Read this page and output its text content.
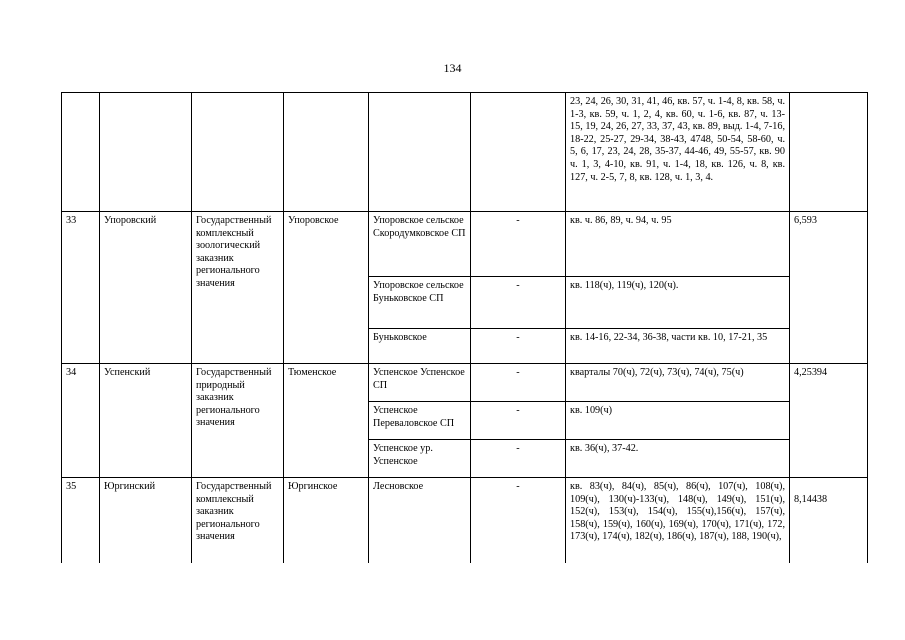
134
						23, 24, 26, 30, 31, 41, 46, кв. 57, ч. 1-4, 8, кв. 58, ч. 1-3, кв. 59, ч. 1, 2, 4, кв. 60, ч. 1-6, кв. 87, ч. 13-15, 19, 24, 26, 27, 33, 37, 43, кв. 89, выд. 1-4, 7-16, 18-22, 25-27, 29-34, 38-43, 4748, 50-54, 58-60, ч. 5, 6, 17, 23, 24, 28, 35-37, 44-46, 49, 55-57, кв. 90 ч. 1, 3, 4-10, кв. 91, ч. 1-4, 18, кв. 126, ч. 8, кв. 127, ч. 2-5, 7, 8, кв. 128, ч. 1, 3, 4.	
33	Упоровский	Государственный комплексный зоологический заказник регионального значения	Упоровское	Упоровское сельское Скородумковское СП	-	кв. ч. 86, 89, ч. 94, ч. 95	6,593
				Упоровское сельское Буньковское СП	-	кв. 118(ч), 119(ч), 120(ч).	
				Буньковское	-	кв. 14-16, 22-34, 36-38, части кв. 10, 17-21, 35	
34	Успенский	Государственный природный заказник регионального значения	Тюменское	Успенское Успенское СП	-	кварталы 70(ч), 72(ч), 73(ч), 74(ч), 75(ч)	4,25394
				Успенское Перевaловское СП	-	кв. 109(ч)	
				Успенское ур. Успенское	-	кв. 36(ч), 37-42.	
35	Юргинский	Государственный комплексный заказник регионального значения	Юргинское	Лесновское	-	кв. 83(ч), 84(ч), 85(ч), 86(ч), 107(ч), 108(ч), 109(ч), 130(ч)-133(ч), 148(ч), 149(ч), 151(ч), 152(ч), 153(ч), 154(ч), 155(ч),156(ч), 157(ч), 158(ч), 159(ч), 160(ч), 169(ч), 170(ч), 171(ч), 172, 173(ч), 174(ч), 182(ч), 186(ч), 187(ч), 188, 190(ч),	8,14438
